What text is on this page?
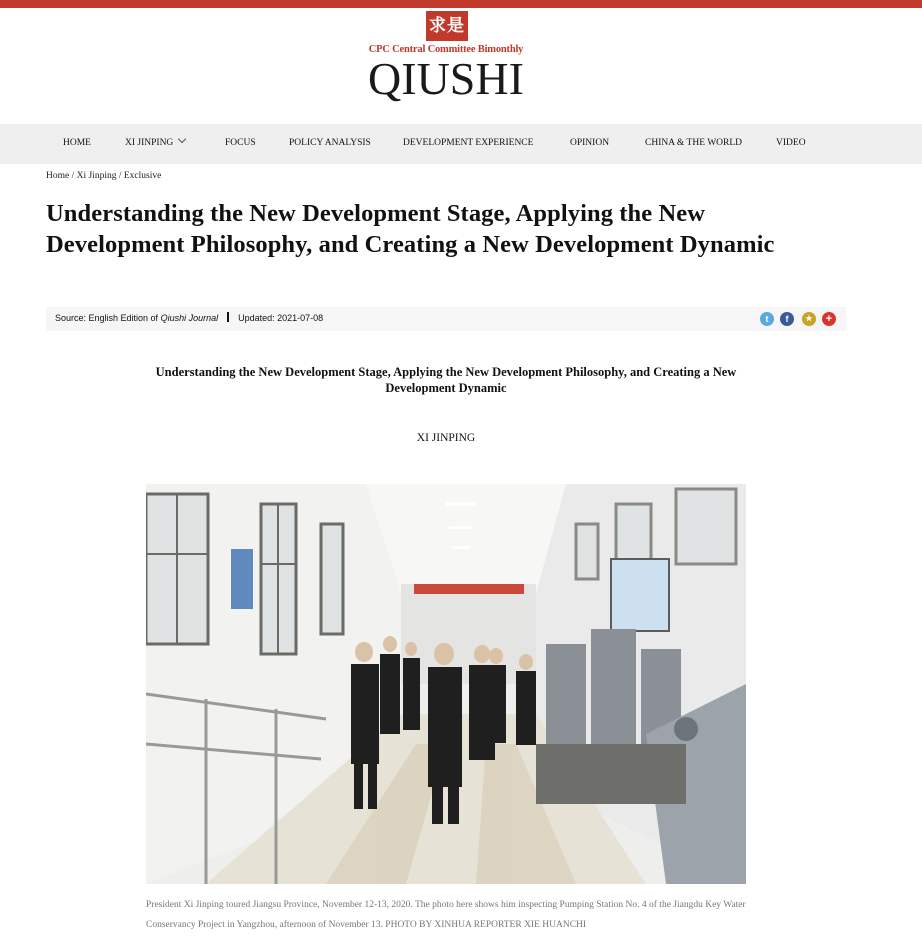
求是
CPC Central Committee Bimonthly
QIUSHI
HOME	XI JINPING	FOCUS	POLICY ANALYSIS	DEVELOPMENT EXPERIENCE	OPINION	CHINA & THE WORLD	VIDEO
Home / Xi Jinping / Exclusive
Understanding the New Development Stage, Applying the New Development Philosophy, and Creating a New Development Dynamic
Source: English Edition of Qiushi Journal Updated: 2021-07-08	t	f	★	+
Understanding the New Development Stage, Applying the New Development Philosophy, and Creating a New Development Dynamic
XI JINPING

President Xi Jinping toured Jiangsu Province, November 12-13, 2020. The photo here shows him inspecting Pumping Station No. 4 of the Jiangdu Key Water Conservancy Project in Yangzhou, afternoon of November 13. PHOTO BY XINHUA REPORTER XIE HUANCHI
